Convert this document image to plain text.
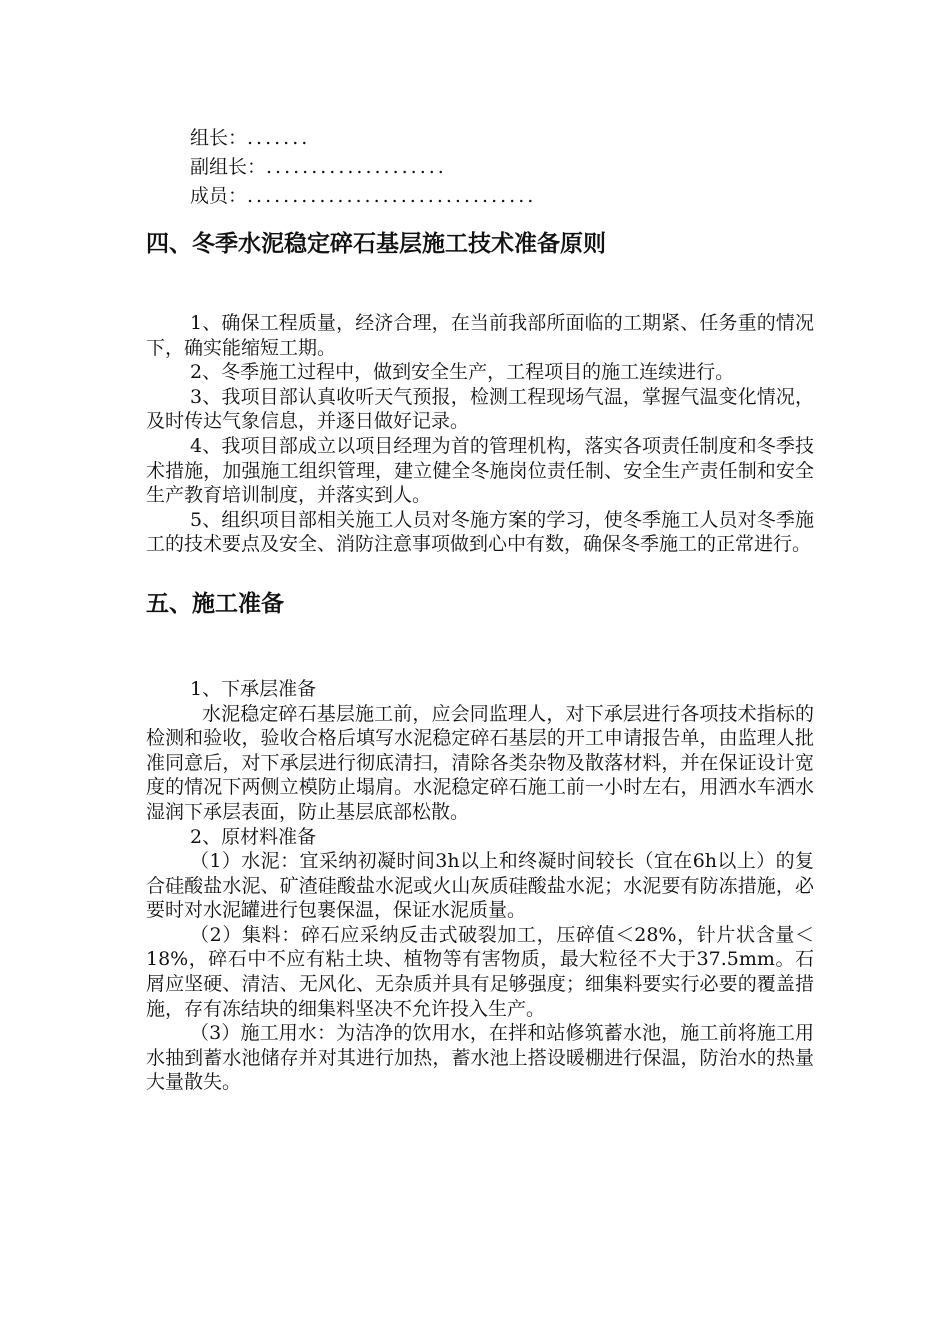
组长：.......
副组长：....................
成员：................................
四、冬季水泥稳定碎石基层施工技术准备原则

1、确保工程质量，经济合理，在当前我部所面临的工期紧、任务重的情况下，确实能缩短工期。

2、冬季施工过程中，做到安全生产，工程项目的施工连续进行。

3、我项目部认真收听天气预报，检测工程现场气温，掌握气温变化情况，及时传达气象信息，并逐日做好记录。

4、我项目部成立以项目经理为首的管理机构，落实各项责任制度和冬季技术措施，加强施工组织管理，建立健全冬施岗位责任制、安全生产责任制和安全生产教育培训制度，并落实到人。

5、组织项目部相关施工人员对冬施方案的学习，使冬季施工人员对冬季施工的技术要点及安全、消防注意事项做到心中有数，确保冬季施工的正常进行。

五、施工准备

1、下承层准备

水泥稳定碎石基层施工前，应会同监理人，对下承层进行各项技术指标的检测和验收，验收合格后填写水泥稳定碎石基层的开工申请报告单，由监理人批准同意后，对下承层进行彻底清扫，清除各类杂物及散落材料，并在保证设计宽度的情况下两侧立模防止塌肩。水泥稳定碎石施工前一小时左右，用洒水车洒水湿润下承层表面，防止基层底部松散。

2、原材料准备

（1）水泥：宜采纳初凝时间3h以上和终凝时间较长（宜在6h以上）的复合硅酸盐水泥、矿渣硅酸盐水泥或火山灰质硅酸盐水泥；水泥要有防冻措施，必要时对水泥罐进行包裹保温，保证水泥质量。

（2）集料：碎石应采纳反击式破裂加工，压碎值＜28%，针片状含量＜18%，碎石中不应有粘土块、植物等有害物质，最大粒径不大于37.5mm。石屑应坚硬、清洁、无风化、无杂质并具有足够强度；细集料要实行必要的覆盖措施，存有冻结块的细集料坚决不允许投入生产。

（3）施工用水：为洁净的饮用水，在拌和站修筑蓄水池，施工前将施工用水抽到蓄水池储存并对其进行加热，蓄水池上搭设暖棚进行保温，防治水的热量大量散失。
